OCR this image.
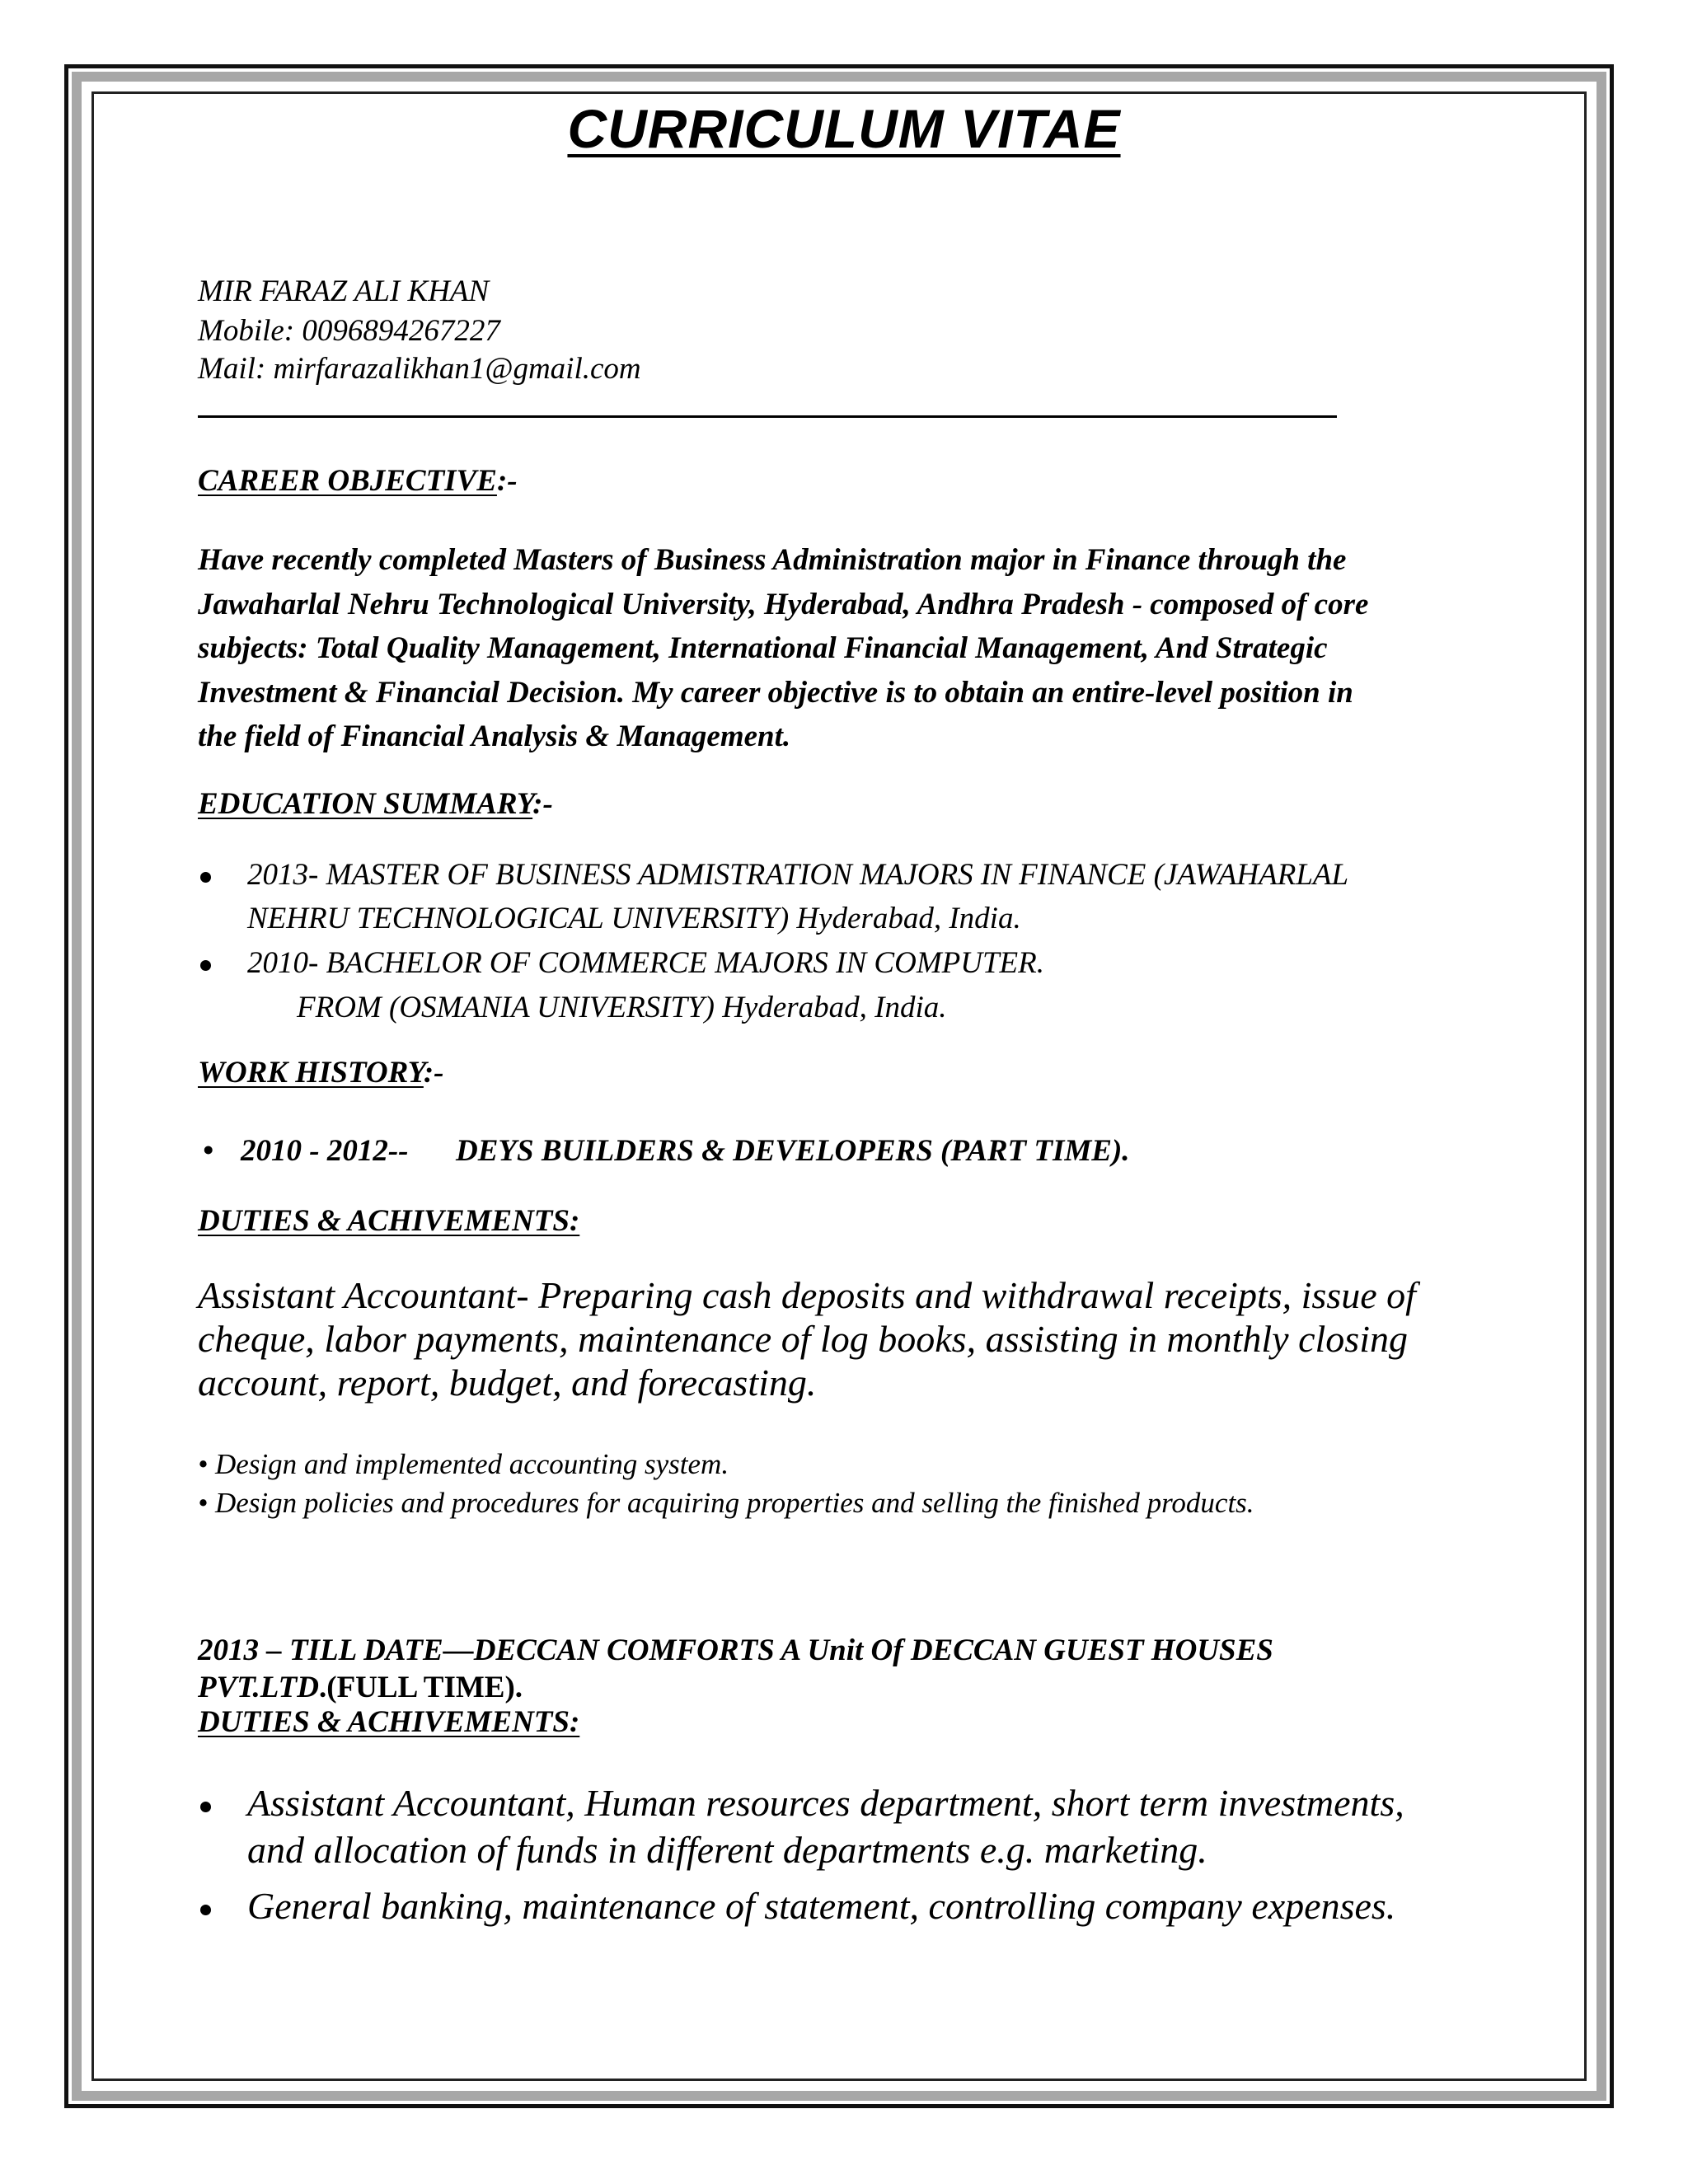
CURRICULUM VITAE
MIR FARAZ ALI KHAN
Mobile: 0096894267227
Mail: mirfarazalikhan1@gmail.com
CAREER OBJECTIVE:-
Have recently completed Masters of Business Administration major in Finance through the
Jawaharlal Nehru Technological University, Hyderabad, Andhra Pradesh - composed of core
subjects: Total Quality Management, International Financial Management, And Strategic
Investment & Financial Decision. My career objective is to obtain an entire-level position in
the field of Financial Analysis & Management.
EDUCATION SUMMARY:-
2013- MASTER OF BUSINESS ADMISTRATION MAJORS IN FINANCE (JAWAHARLAL
NEHRU TECHNOLOGICAL UNIVERSITY) Hyderabad, India.
2010- BACHELOR OF COMMERCE MAJORS IN COMPUTER.
FROM (OSMANIA UNIVERSITY) Hyderabad, India.
WORK HISTORY:-
• 2010 - 2012-- DEYS BUILDERS & DEVELOPERS (PART TIME).
DUTIES & ACHIVEMENTS:
Assistant Accountant- Preparing cash deposits and withdrawal receipts, issue of
cheque, labor payments, maintenance of log books, assisting in monthly closing
account, report, budget, and forecasting.
• Design and implemented accounting system.
• Design policies and procedures for acquiring properties and selling the finished products.
2013 – TILL DATE—DECCAN COMFORTS A Unit Of DECCAN GUEST HOUSES
PVT.LTD.(FULL TIME).
DUTIES & ACHIVEMENTS:
Assistant Accountant, Human resources department, short term investments,
and allocation of funds in different departments e.g. marketing.
General banking, maintenance of statement, controlling company expenses.
